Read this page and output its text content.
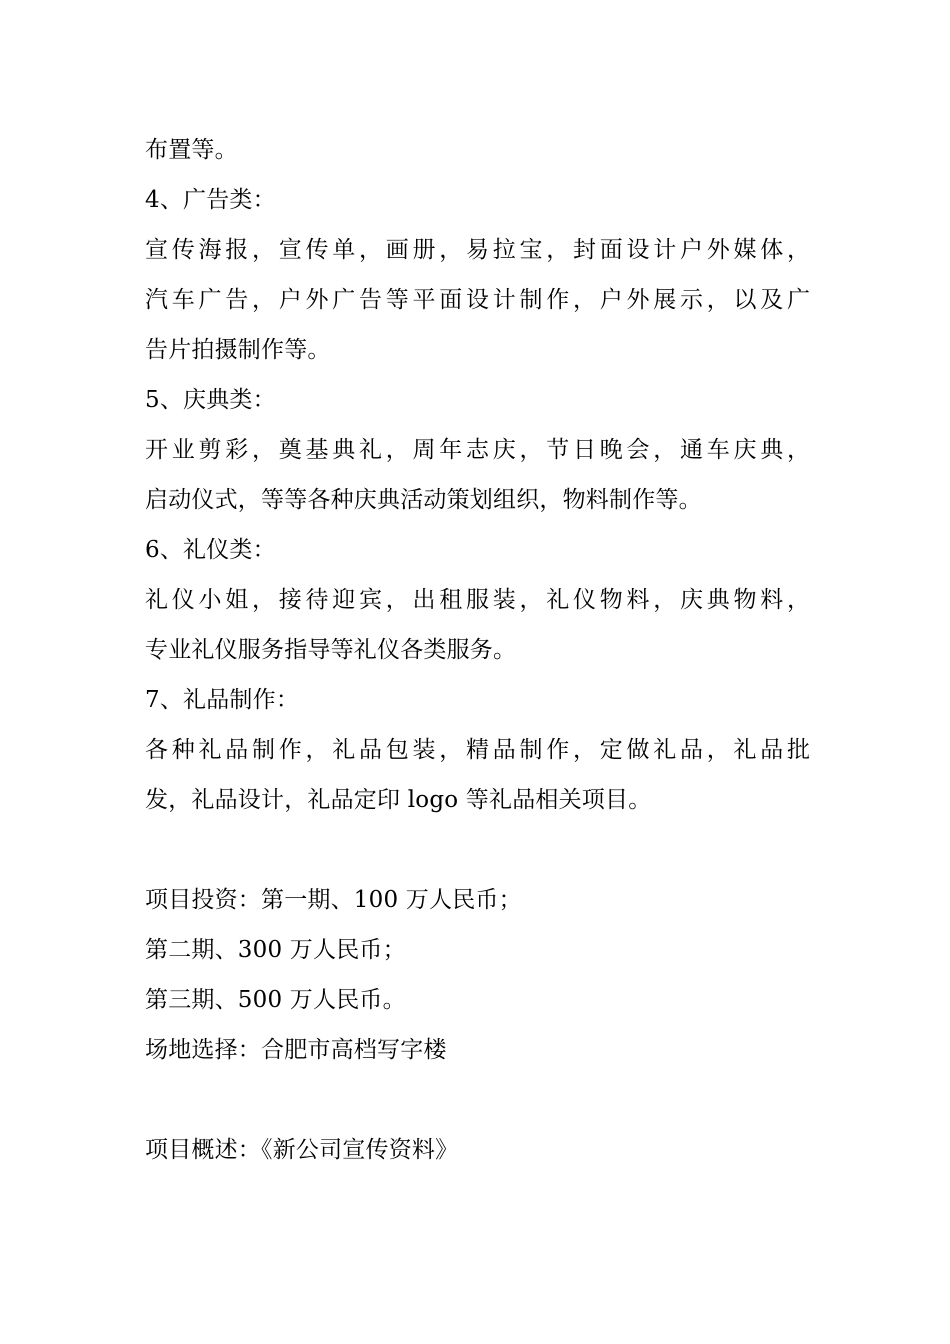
布置等。
4、广告类：
宣传海报，宣传单，画册，易拉宝，封面设计户外媒体，
汽车广告，户外广告等平面设计制作，户外展示，以及广
告片拍摄制作等。
5、庆典类：
开业剪彩，奠基典礼，周年志庆，节日晚会，通车庆典，
启动仪式，等等各种庆典活动策划组织，物料制作等。
6、礼仪类：
礼仪小姐，接待迎宾，出租服装，礼仪物料，庆典物料，
专业礼仪服务指导等礼仪各类服务。
7、礼品制作：
各种礼品制作，礼品包装，精品制作，定做礼品，礼品批
发，礼品设计，礼品定印 logo 等礼品相关项目。
项目投资：第一期、100 万人民币；
第二期、300 万人民币；
第三期、500 万人民币。
场地选择：合肥市高档写字楼
项目概述：《新公司宣传资料》
